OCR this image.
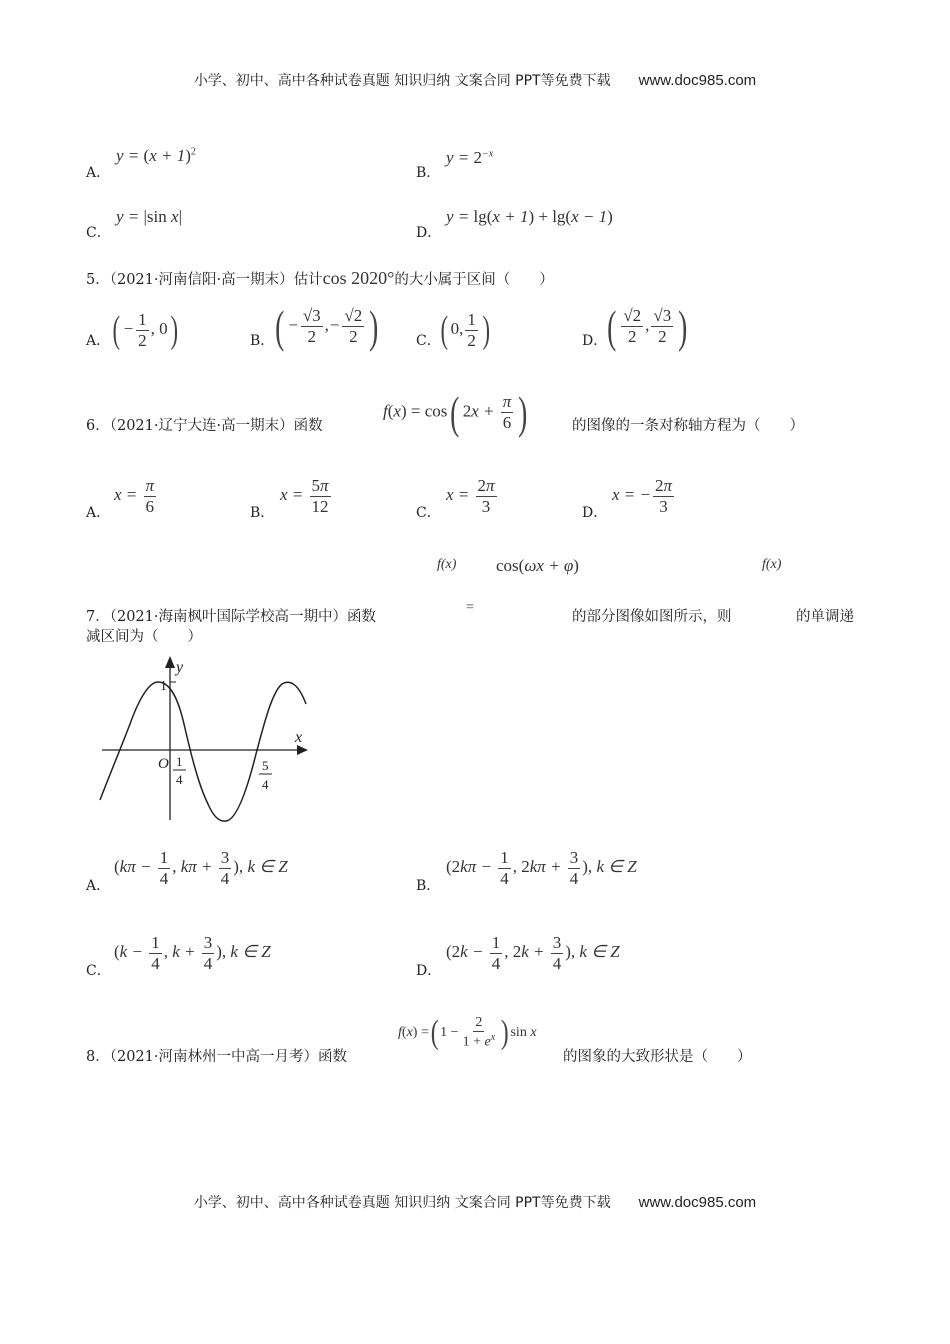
小学、初中、高中各种试卷真题 知识归纳 文案合同 PPT等免费下载 www.doc985.com
A．
$y = (x + 1)^2$
B．
$y = 2^{-x}$
C．
y = |sin x|
D．
y = lg(x + 1) + lg(x − 1)
5．（2021·河南信阳·高一期末）估计cos 2020°的大小属于区间（　　）
A． ( − $\frac{1}{2}$ , 0)	B． ( − $\frac{√3}{2}$ ,− $\frac{√2}{2}$ )	C． ( 0, $\frac{1}{2}$ )	D． ( $\frac{√2}{2}$ , $\frac{√3}{2}$ )
6．（2021·辽宁大连·高一期末）函数
f(x) = cos( $2x + \frac{\pi}{6}$ )	的图像的一条对称轴方程为（　　）
A．
$x = \frac{\pi}{6}$	B．
$x = \frac{5\pi}{12}$	C．
$x = \frac{2\pi}{3}$	D．
x = − $\frac{2\pi}{3}$
7．（2021·海南枫叶国际学校高一期中）函数
f(x)
=
cos(ωx + φ)
的部分图像如图所示，则
f(x)
的单调递
减区间为（　　）
y
x
O
1
1
4
5
4
A．
($k\pi - \frac{1}{4}$ , $k\pi + \frac{3}{4}$ ), k ∈ Z
B．
($2k\pi - \frac{1}{4}$ , $2k\pi + \frac{3}{4}$ ), k ∈ Z
C．
($k - \frac{1}{4}$ , $k + \frac{3}{4}$ ), k ∈ Z
D．
($2k - \frac{1}{4}$ , $2k + \frac{3}{4}$ ), k ∈ Z
8．（2021·河南林州一中高一月考）函数
f(x) =( $1 - \frac{2}{1 + e^x}$ ) sin x
的图象的大致形状是（　　）
小学、初中、高中各种试卷真题 知识归纳 文案合同 PPT等免费下载 www.doc985.com
